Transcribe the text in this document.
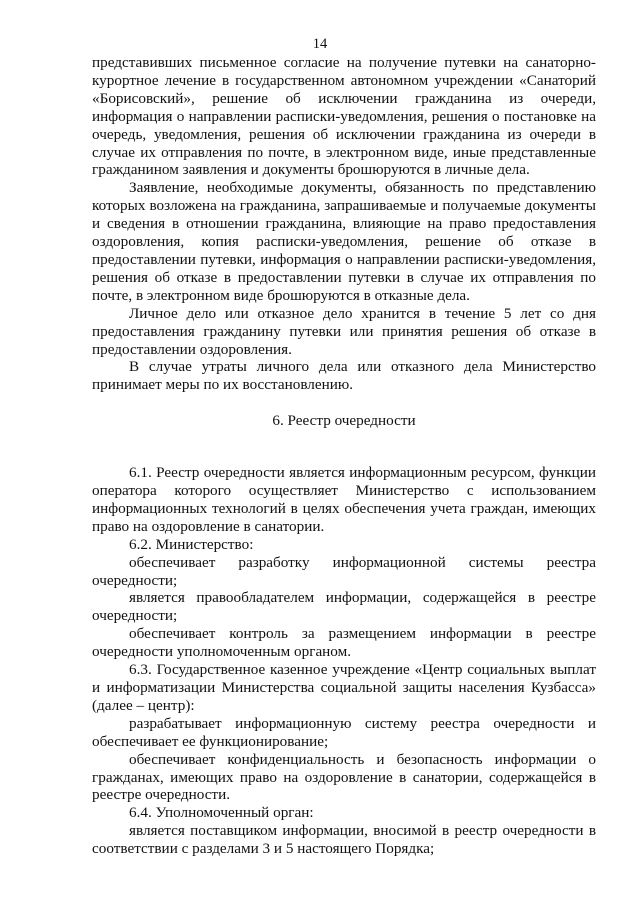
14

представивших письменное согласие на получение путевки на санаторно-курортное лечение в государственном автономном учреждении «Санаторий «Борисовский», решение об исключении гражданина из очереди, информация о направлении расписки-уведомления, решения о постановке на очередь, уведомления, решения об исключении гражданина из очереди в случае их отправления по почте, в электронном виде, иные представленные гражданином заявления и документы брошюруются в личные дела.

Заявление, необходимые документы, обязанность по представлению которых возложена на гражданина, запрашиваемые и получаемые документы и сведения в отношении гражданина, влияющие на право предоставления оздоровления, копия расписки-уведомления, решение об отказе в предоставлении путевки, информация о направлении расписки-уведомления, решения об отказе в предоставлении путевки в случае их отправления по почте, в электронном виде брошюруются в отказные дела.

Личное дело или отказное дело хранится в течение 5 лет со дня предоставления гражданину путевки или принятия решения об отказе в предоставлении оздоровления.

В случае утраты личного дела или отказного дела Министерство принимает меры по их восстановлению.

6. Реестр очередности

6.1. Реестр очередности является информационным ресурсом, функции оператора которого осуществляет Министерство с использованием информационных технологий в целях обеспечения учета граждан, имеющих право на оздоровление в санатории.

6.2. Министерство:

обеспечивает разработку информационной системы реестра очередности;

является правообладателем информации, содержащейся в реестре очередности;

обеспечивает контроль за размещением информации в реестре очередности уполномоченным органом.

6.3. Государственное казенное учреждение «Центр социальных выплат и информатизации Министерства социальной защиты населения Кузбасса» (далее – центр):

разрабатывает информационную систему реестра очередности и обеспечивает ее функционирование;

обеспечивает конфиденциальность и безопасность информации о гражданах, имеющих право на оздоровление в санатории, содержащейся в реестре очередности.

6.4. Уполномоченный орган:

является поставщиком информации, вносимой в реестр очередности в соответствии с разделами 3 и 5 настоящего Порядка;
